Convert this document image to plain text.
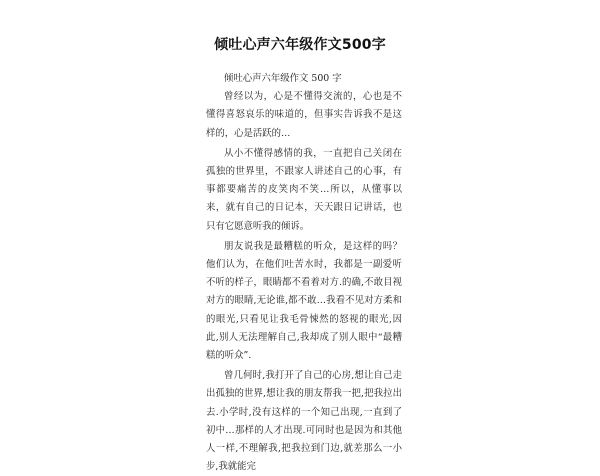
倾吐心声六年级作文500字
倾吐心声六年级作文 500 字

曾经以为，心是不懂得交流的，心也是不懂得喜怒哀乐的味道的，但事实告诉我不是这样的，心是活跃的…

从小不懂得感情的我，一直把自己关闭在孤独的世界里，不跟家人讲述自己的心事，有事都要痛苦的皮笑肉不笑…所以，从懂事以来，就有自己的日记本，天天跟日记讲话，也只有它愿意听我的倾诉。

朋友说我是最糟糕的听众，是这样的吗？他们认为，在他们吐苦水时，我都是一副爱听不听的样子，眼睛都不看着对方.的确,不敢目视对方的眼睛,无论谁,都不敢…我看不见对方柔和的眼光,只看见让我毛骨悚然的怒视的眼光,因此,别人无法理解自己,我却成了别人眼中“最糟糕的听众”.

曾几何时,我打开了自己的心房,想让自己走出孤独的世界,想让我的朋友帮我一把,把我拉出去.小学时,没有这样的一个知己出现,一直到了初中…那样的人才出现.可同时也是因为和其他人一样,不理解我,把我拉到门边,就差那么一小步,我就能完
